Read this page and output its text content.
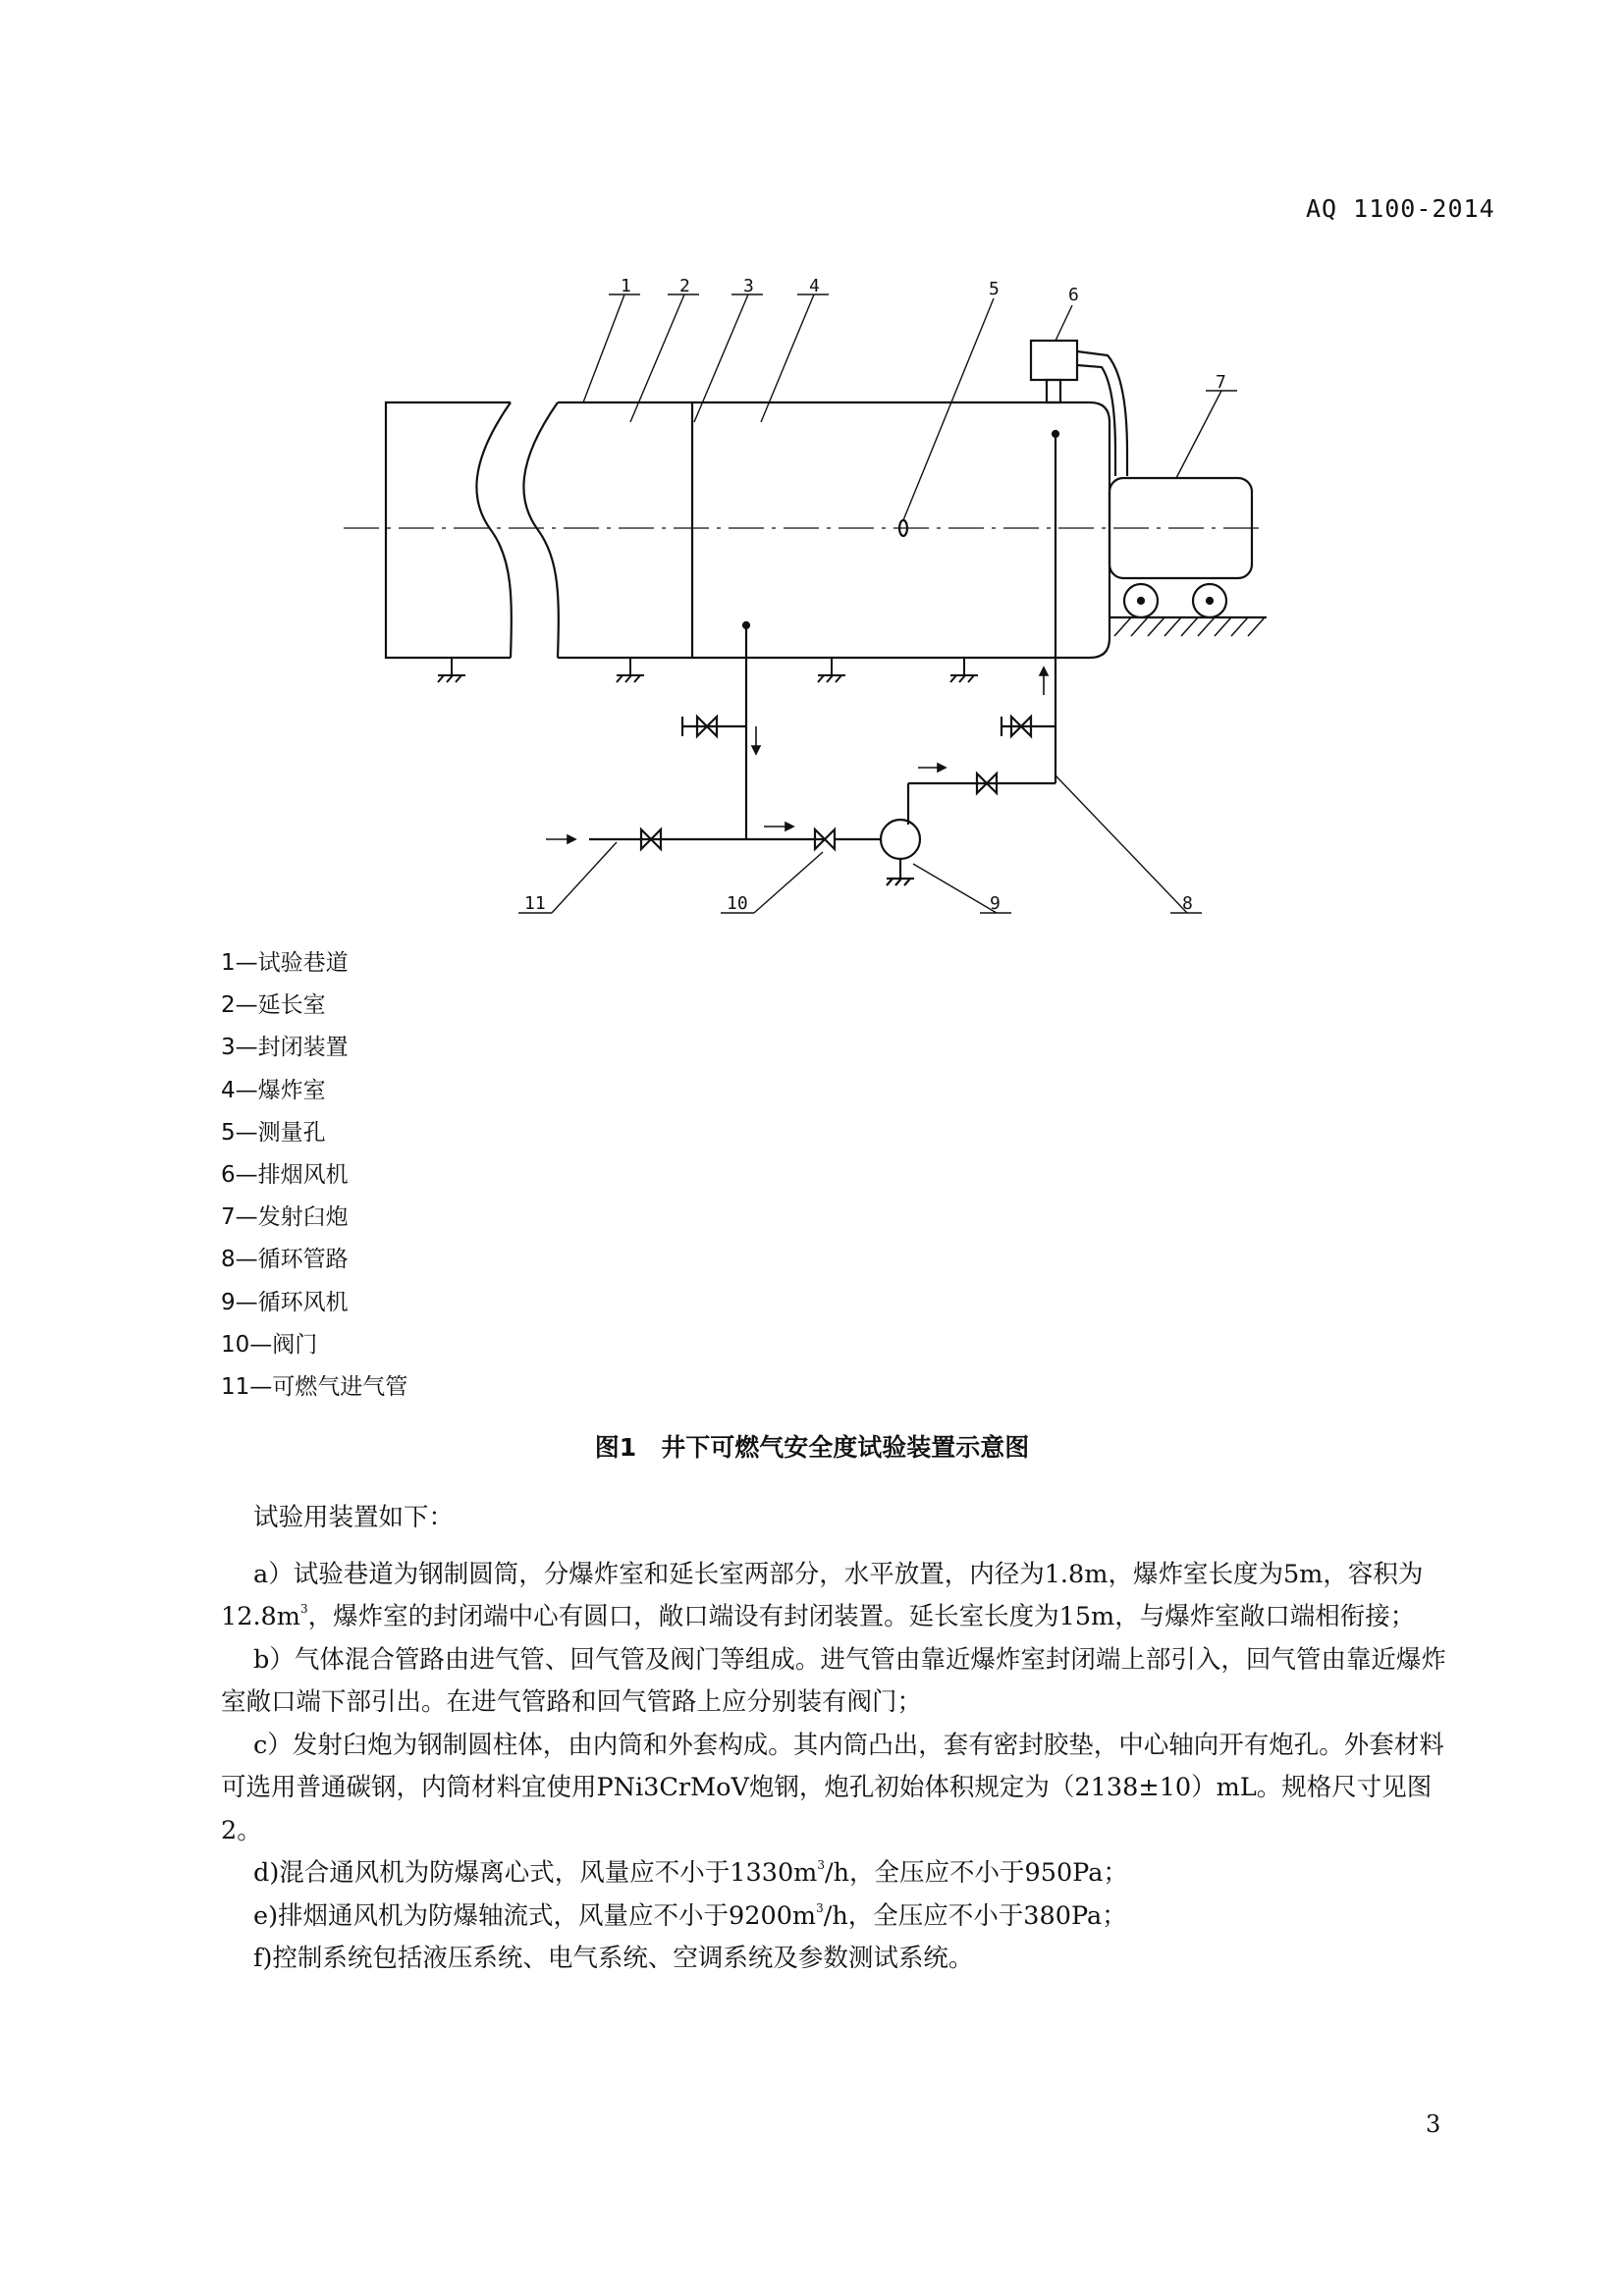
AQ 1100-2014
1	2	3	4	5	6
7
8
9
10
11
1—试验巷道
2—延长室
3—封闭装置
4—爆炸室
5—测量孔
6—排烟风机
7—发射臼炮
8—循环管路
9—循环风机
10—阀门
11—可燃气进气管
图1　井下可燃气安全度试验装置示意图

试验用装置如下：

a）试验巷道为钢制圆筒，分爆炸室和延长室两部分，水平放置，内径为1.8m，爆炸室长度为5m，容积为$12.8m^3$，爆炸室的封闭端中心有圆口，敞口端设有封闭装置。延长室长度为15m，与爆炸室敞口端相衔接；

b）气体混合管路由进气管、回气管及阀门等组成。进气管由靠近爆炸室封闭端上部引入，回气管由靠近爆炸室敞口端下部引出。在进气管路和回气管路上应分别装有阀门；

c）发射臼炮为钢制圆柱体，由内筒和外套构成。其内筒凸出，套有密封胶垫，中心轴向开有炮孔。外套材料可选用普通碳钢，内筒材料宜使用PNi3CrMoV炮钢，炮孔初始体积规定为（2138±10）mL。规格尺寸见图2。

d)混合通风机为防爆离心式，风量应不小于$1330m^3/h$，全压应不小于950Pa；

e)排烟通风机为防爆轴流式，风量应不小于$9200m^3/h$，全压应不小于380Pa；

f)控制系统包括液压系统、电气系统、空调系统及参数测试系统。

3
